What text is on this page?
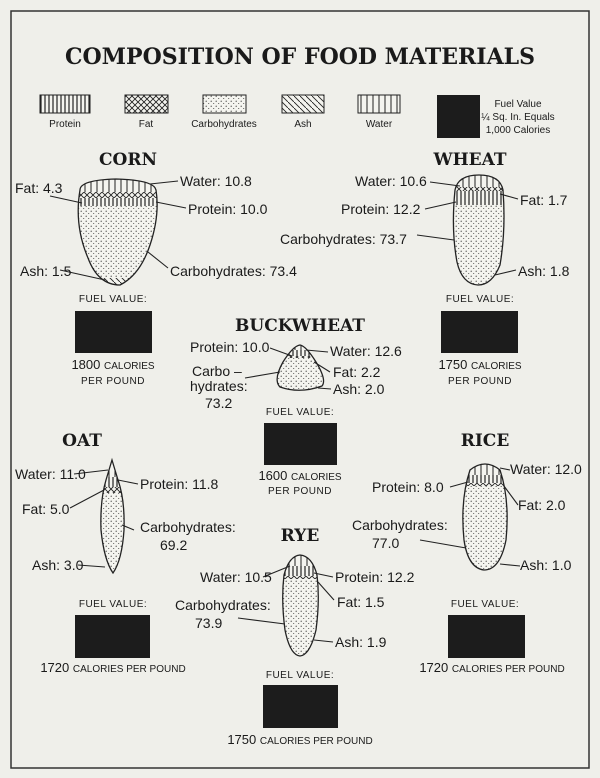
COMPOSITION OF FOOD MATERIALS
Protein	Fat	Carbohydrates	Ash	Water
Fuel Value
¼ Sq. In. Equals
1,000 Calories
CORN
Water: 10.8
Fat: 4.3
Protein: 10.0
Ash: 1.5	Carbohydrates: 73.4
FUEL VALUE:
1800 CALORIES
PER POUND
WHEAT
Water: 10.6
Fat: 1.7
Protein: 12.2
Carbohydrates: 73.7
Ash: 1.8
FUEL VALUE:
1750 CALORIES
PER POUND
BUCKWHEAT
Protein: 10.0	Water: 12.6
Carbo –
hydrates:
73.2
Fat: 2.2
Ash: 2.0
FUEL VALUE:
1600 CALORIES
PER POUND
OAT
Water: 11.0
Protein: 11.8
Fat: 5.0
Carbohydrates:
69.2
Ash: 3.0
FUEL VALUE:
1720 CALORIES PER POUND
RICE
Water: 12.0
Protein: 8.0
Fat: 2.0
Carbohydrates:
77.0
Ash: 1.0
FUEL VALUE:
1720 CALORIES PER POUND
RYE
Water: 10.5	Protein: 12.2
Fat: 1.5
Carbohydrates:
73.9
Ash: 1.9
FUEL VALUE:
1750 CALORIES PER POUND
